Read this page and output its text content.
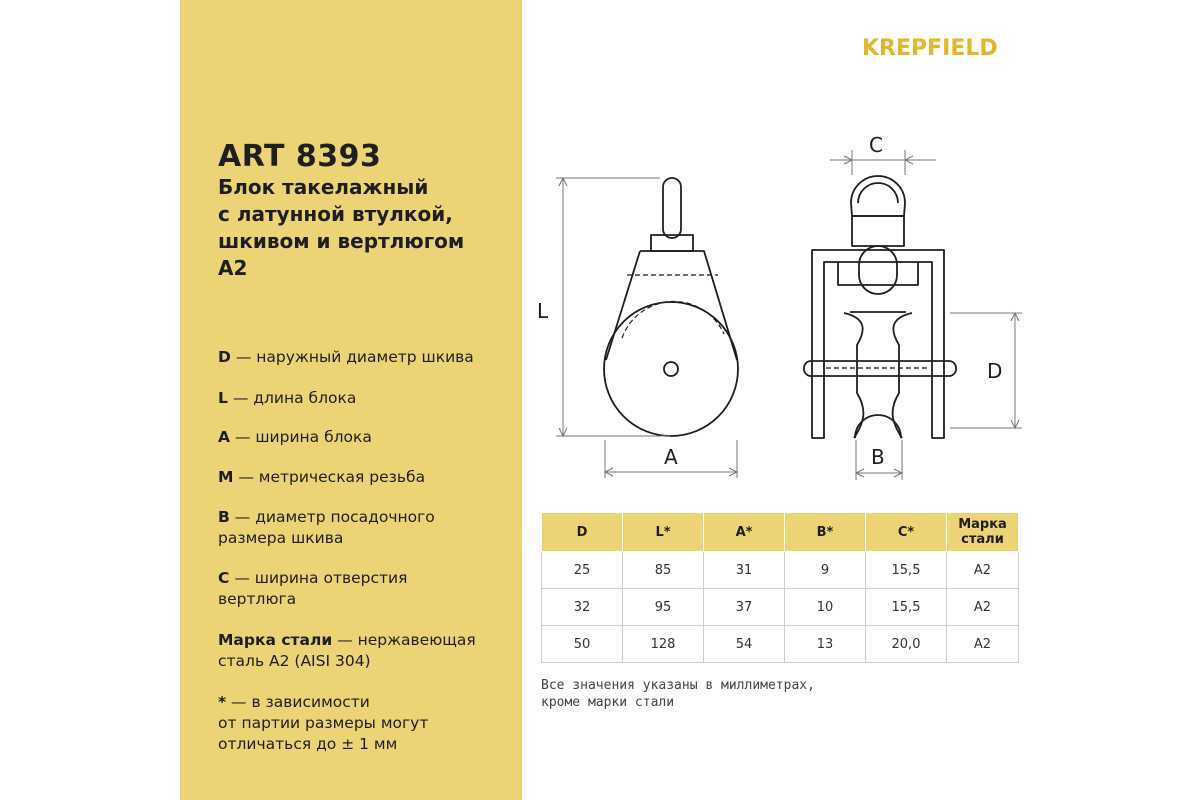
ART 8393
Блок такелажный
с латунной втулкой,
шкивом и вертлюгом
A2
D — наружный диаметр шкива
L — длина блока
A — ширина блока
M — метрическая резьба
B — диаметр посадочного
размера шкива
C — ширина отверстия
вертлюга
Марка стали — нержавеющая
сталь A2 (AISI 304)
* — в зависимости
от партии размеры могут
отличаться до ± 1 мм
KREPFIELD
L
A
C
D
B
D	L*	A*	B*	C*	Марка стали
25	85	31	9	15,5	A2
32	95	37	10	15,5	A2
50	128	54	13	20,0	A2
Все значения указаны в миллиметрах,
кроме марки стали
